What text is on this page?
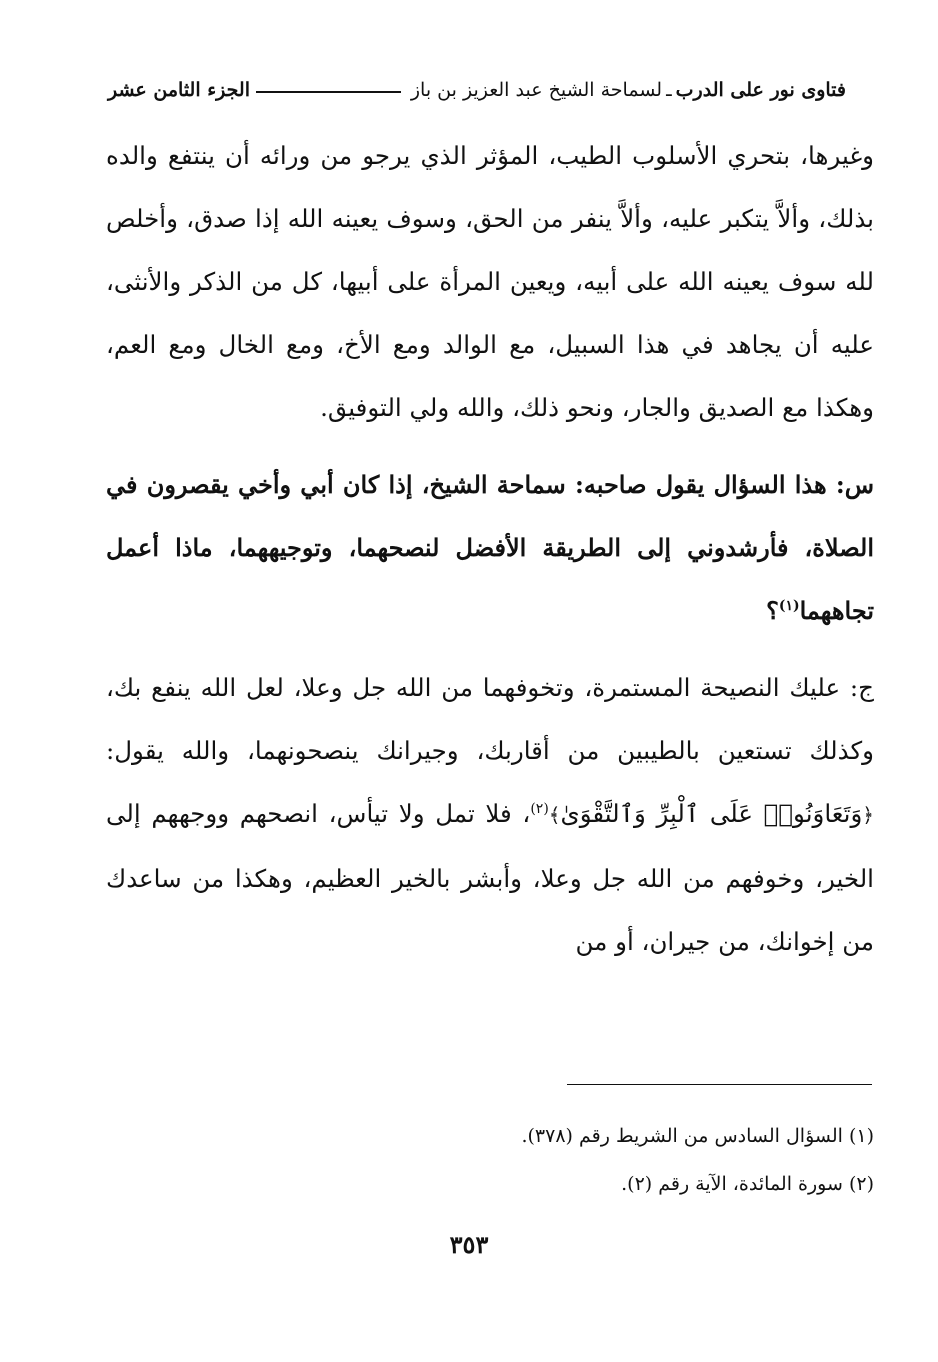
فتاوى نور على الدرب
ـ
لسماحة الشيخ عبد العزيز بن باز
الجزء الثامن عشر

وغيرها، بتحري الأسلوب الطيب، المؤثر الذي يرجو من ورائه أن ينتفع والده بذلك، وألاَّ يتكبر عليه، وألاَّ ينفر من الحق، وسوف يعينه الله إذا صدق، وأخلص لله سوف يعينه الله على أبيه، ويعين المرأة على أبيها، كل من الذكر والأنثى، عليه أن يجاهد في هذا السبيل، مع الوالد ومع الأخ، ومع الخال ومع العم، وهكذا مع الصديق والجار، ونحو ذلك، والله ولي التوفيق.

س: هذا السؤال يقول صاحبه: سماحة الشيخ، إذا كان أبي وأخي يقصرون في الصلاة، فأرشدوني إلى الطريقة الأفضل لنصحهما، وتوجيههما، ماذا أعمل تجاههما$^{(١)}$؟

ج: عليك النصيحة المستمرة، وتخوفهما من الله جل وعلا، لعل الله ينفع بك، وكذلك تستعين بالطيبين من أقاربك، وجيرانك ينصحونهما، والله يقول: ﴿وَتَعَاوَنُوا۟ عَلَى ٱلْبِرِّ وَٱلتَّقْوَىٰ﴾$^{(٢)}$، فلا تمل ولا تيأس، انصحهم ووجههم إلى الخير، وخوفهم من الله جل وعلا، وأبشر بالخير العظيم، وهكذا من ساعدك من إخوانك، من جيران، أو من

(١) السؤال السادس من الشريط رقم (٣٧٨).
(٢) سورة المائدة، الآية رقم (٢).
٣٥٣
